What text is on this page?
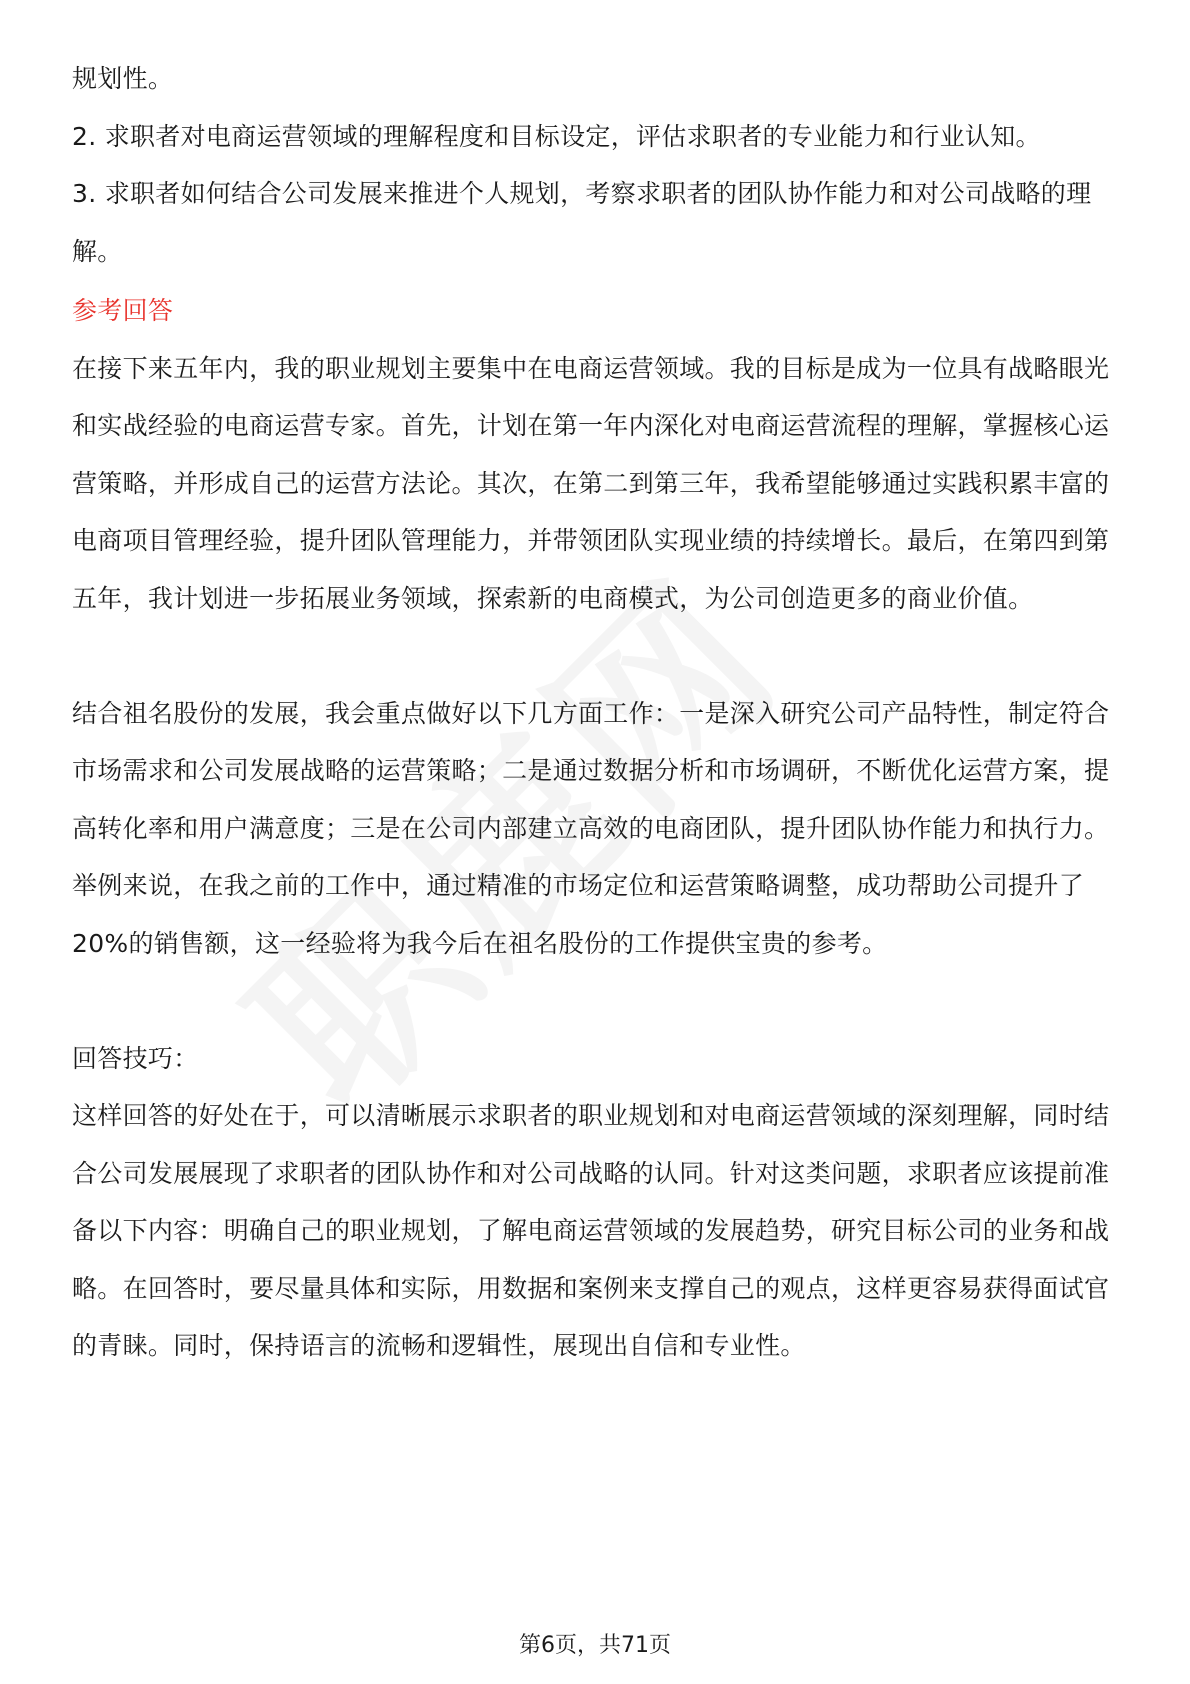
规划性。

2. 求职者对电商运营领域的理解程度和目标设定，评估求职者的专业能力和行业认知。

3. 求职者如何结合公司发展来推进个人规划，考察求职者的团队协作能力和对公司战略的理解。

参考回答

在接下来五年内，我的职业规划主要集中在电商运营领域。我的目标是成为一位具有战略眼光和实战经验的电商运营专家。首先，计划在第一年内深化对电商运营流程的理解，掌握核心运营策略，并形成自己的运营方法论。其次，在第二到第三年，我希望能够通过实践积累丰富的电商项目管理经验，提升团队管理能力，并带领团队实现业绩的持续增长。最后，在第四到第五年，我计划进一步拓展业务领域，探索新的电商模式，为公司创造更多的商业价值。

结合祖名股份的发展，我会重点做好以下几方面工作：一是深入研究公司产品特性，制定符合市场需求和公司发展战略的运营策略；二是通过数据分析和市场调研，不断优化运营方案，提高转化率和用户满意度；三是在公司内部建立高效的电商团队，提升团队协作能力和执行力。举例来说，在我之前的工作中，通过精准的市场定位和运营策略调整，成功帮助公司提升了20%的销售额，这一经验将为我今后在祖名股份的工作提供宝贵的参考。

回答技巧：

这样回答的好处在于，可以清晰展示求职者的职业规划和对电商运营领域的深刻理解，同时结合公司发展展现了求职者的团队协作和对公司战略的认同。针对这类问题，求职者应该提前准备以下内容：明确自己的职业规划，了解电商运营领域的发展趋势，研究目标公司的业务和战略。在回答时，要尽量具体和实际，用数据和案例来支撑自己的观点，这样更容易获得面试官的青睐。同时，保持语言的流畅和逻辑性，展现出自信和专业性。

第6页，共71页
